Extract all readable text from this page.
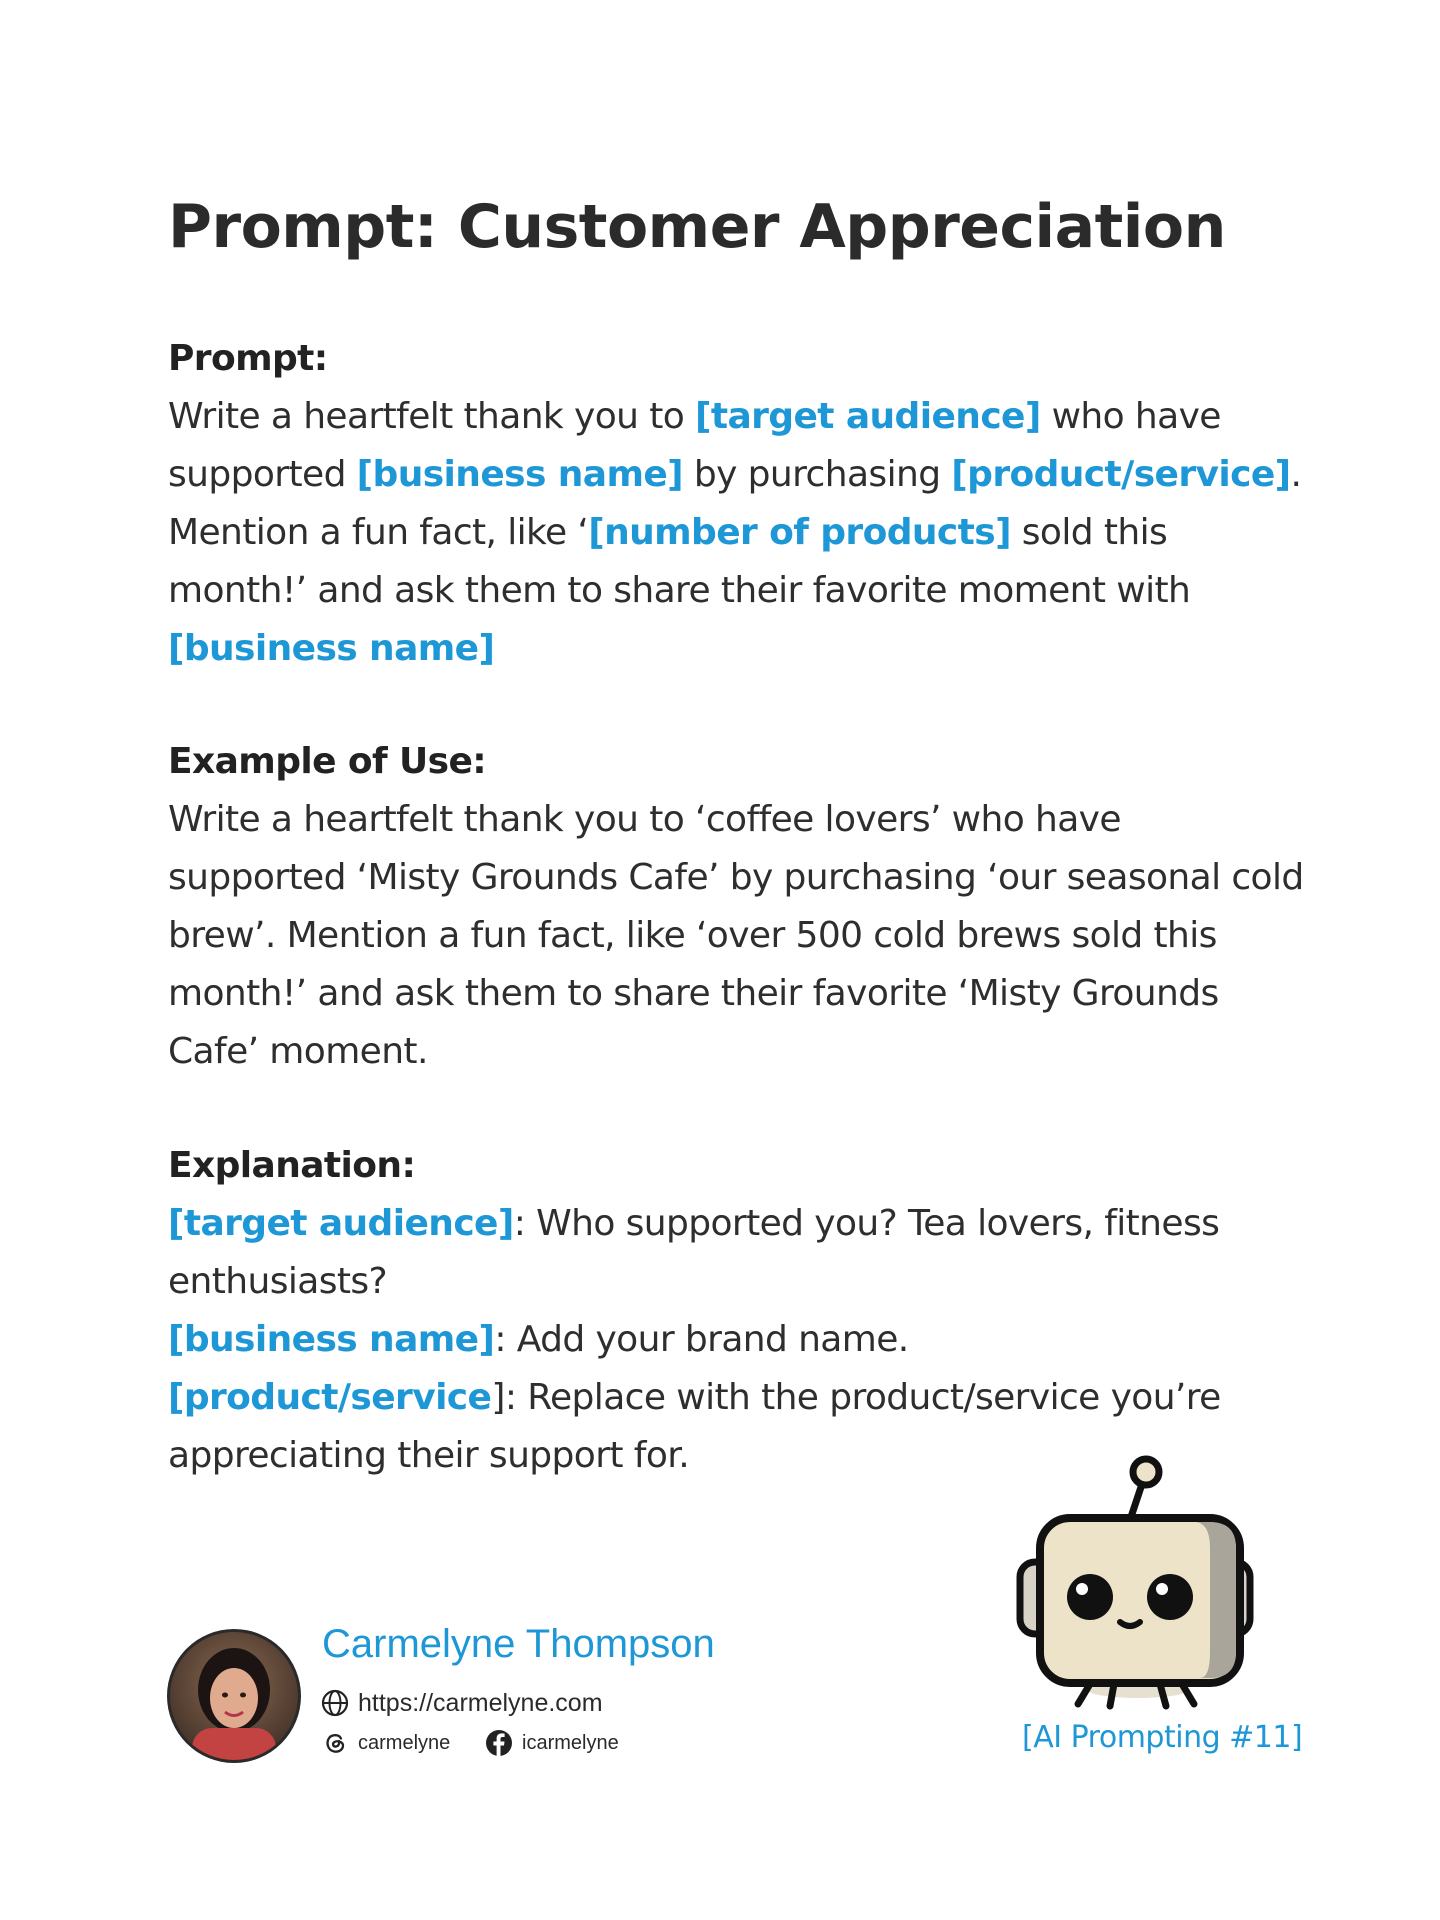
Prompt: Customer Appreciation

Prompt:

Write a heartfelt thank you to [target audience] who have supported [business name] by purchasing [product/service]. Mention a fun fact, like ‘[number of products] sold this month!’ and ask them to share their favorite moment with [business name]

Example of Use:

Write a heartfelt thank you to ‘coffee lovers’ who have supported ‘Misty Grounds Cafe’ by purchasing ‘our seasonal cold brew’. Mention a fun fact, like ‘over 500 cold brews sold this month!’ and ask them to share their favorite ‘Misty Grounds Cafe’ moment.

Explanation:

[target audience]: Who supported you? Tea lovers, fitness enthusiasts?

[business name]: Add your brand name.

[product/service]: Replace with the product/service you’re appreciating their support for.

Carmelyne Thompson
https://carmelyne.com
carmelyne	icarmelyne	[AI Prompting #11]
